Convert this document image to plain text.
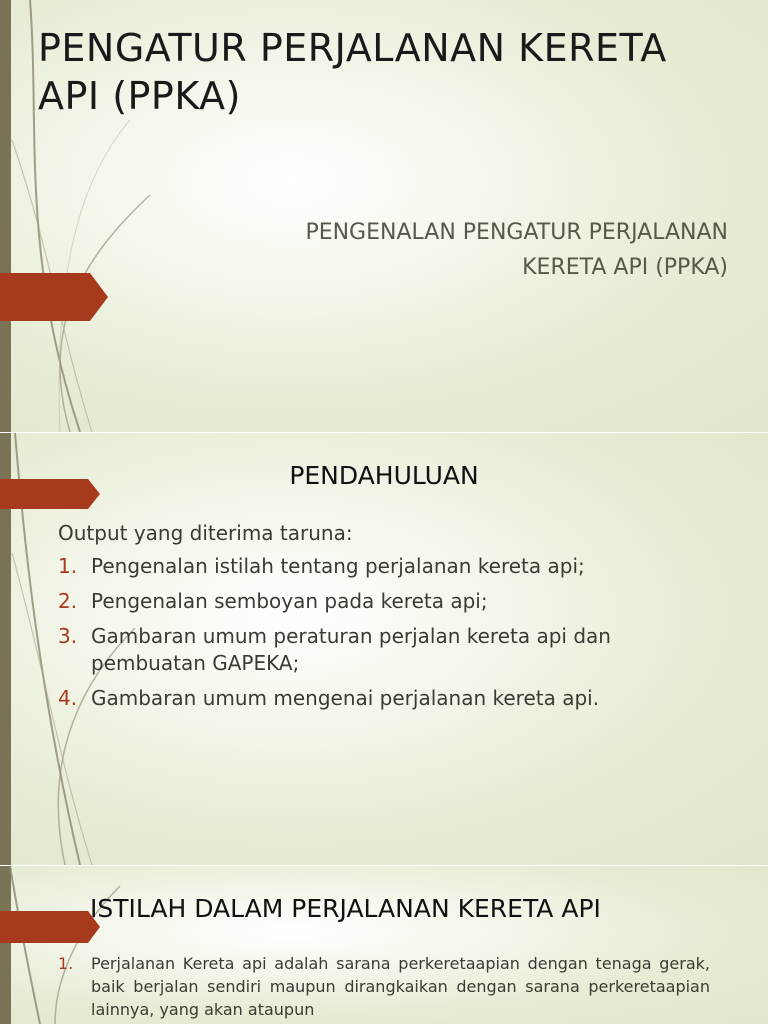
PENGATUR PERJALANAN KERETA API (PPKA)
PENGENALAN PENGATUR PERJALANAN
KERETA API (PPKA)
PENDAHULUAN
Output yang diterima taruna:
1. Pengenalan istilah tentang perjalanan kereta api;
2. Pengenalan semboyan pada kereta api;
3. Gambaran umum peraturan perjalan kereta api dan pembuatan GAPEKA;
4. Gambaran umum mengenai perjalanan kereta api.
ISTILAH DALAM PERJALANAN KERETA API
1.	Perjalanan Kereta api adalah sarana perkeretaapian dengan tenaga gerak, baik berjalan sendiri maupun dirangkaikan dengan sarana perkeretaapian lainnya, yang akan ataupun
